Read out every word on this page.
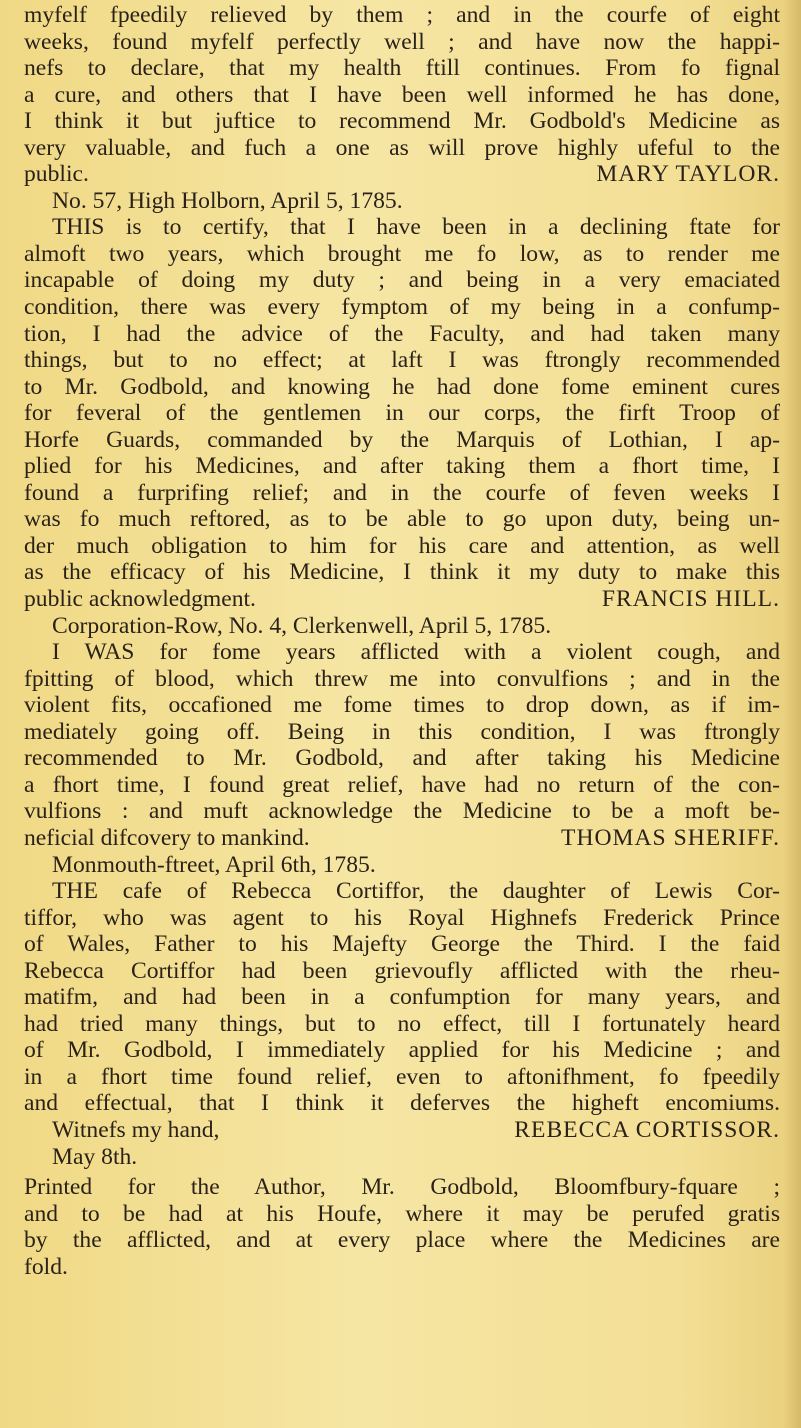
myfelf fpeedily relieved by them ; and in the courfe of eight
weeks, found myfelf perfectly well ; and have now the happi-
nefs to declare, that my health ftill continues. From fo fignal
a cure, and others that I have been well informed he has done,
I think it but juftice to recommend Mr. Godbold's Medicine as
very valuable, and fuch a one as will prove highly ufeful to the
public.	MARY TAYLOR.
No. 57, High Holborn, April 5, 1785.
THIS is to certify, that I have been in a declining ftate for
almoft two years, which brought me fo low, as to render me
incapable of doing my duty ; and being in a very emaciated
condition, there was every fymptom of my being in a confump-
tion, I had the advice of the Faculty, and had taken many
things, but to no effect; at laft I was ftrongly recommended
to Mr. Godbold, and knowing he had done fome eminent cures
for feveral of the gentlemen in our corps, the firft Troop of
Horfe Guards, commanded by the Marquis of Lothian, I ap-
plied for his Medicines, and after taking them a fhort time, I
found a furprifing relief; and in the courfe of feven weeks I
was fo much reftored, as to be able to go upon duty, being un-
der much obligation to him for his care and attention, as well
as the efficacy of his Medicine, I think it my duty to make this
public acknowledgment.	FRANCIS HILL.
Corporation-Row, No. 4, Clerkenwell, April 5, 1785.
I WAS for fome years afflicted with a violent cough, and
fpitting of blood, which threw me into convulfions ; and in the
violent fits, occafioned me fome times to drop down, as if im-
mediately going off. Being in this condition, I was ftrongly
recommended to Mr. Godbold, and after taking his Medicine
a fhort time, I found great relief, have had no return of the con-
vulfions : and muft acknowledge the Medicine to be a moft be-
neficial difcovery to mankind.	THOMAS SHERIFF.
Monmouth-ftreet, April 6th, 1785.
THE cafe of Rebecca Cortiffor, the daughter of Lewis Cor-
tiffor, who was agent to his Royal Highnefs Frederick Prince
of Wales, Father to his Majefty George the Third. I the faid
Rebecca Cortiffor had been grievoufly afflicted with the rheu-
matifm, and had been in a confumption for many years, and
had tried many things, but to no effect, till I fortunately heard
of Mr. Godbold, I immediately applied for his Medicine ; and
in a fhort time found relief, even to aftonifhment, fo fpeedily
and effectual, that I think it deferves the higheft encomiums.
Witnefs my hand,	REBECCA CORTISSOR.
May 8th.
Printed for the Author, Mr. Godbold, Bloomfbury-fquare ;
and to be had at his Houfe, where it may be perufed gratis
by the afflicted, and at every place where the Medicines are
fold.
